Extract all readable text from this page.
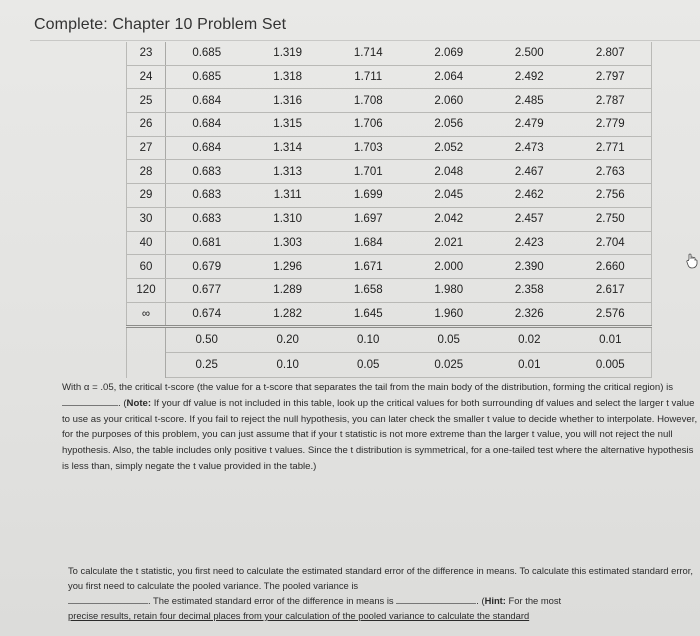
Complete: Chapter 10 Problem Set
23	0.685	1.319	1.714	2.069	2.500	2.807
24	0.685	1.318	1.711	2.064	2.492	2.797
25	0.684	1.316	1.708	2.060	2.485	2.787
26	0.684	1.315	1.706	2.056	2.479	2.779
27	0.684	1.314	1.703	2.052	2.473	2.771
28	0.683	1.313	1.701	2.048	2.467	2.763
29	0.683	1.311	1.699	2.045	2.462	2.756
30	0.683	1.310	1.697	2.042	2.457	2.750
40	0.681	1.303	1.684	2.021	2.423	2.704
60	0.679	1.296	1.671	2.000	2.390	2.660
120	0.677	1.289	1.658	1.980	2.358	2.617
∞	0.674	1.282	1.645	1.960	2.326	2.576
	0.50	0.20	0.10	0.05	0.02	0.01
	0.25	0.10	0.05	0.025	0.01	0.005
With α = .05, the critical t-score (the value for a t-score that separates the tail from the main body of the distribution, forming the critical region) is . (Note: If your df value is not included in this table, look up the critical values for both surrounding df values and select the larger t value to use as your critical t-score. If you fail to reject the null hypothesis, you can later check the smaller t value to decide whether to interpolate. However, for the purposes of this problem, you can just assume that if your t statistic is not more extreme than the larger t value, you will not reject the null hypothesis. Also, the table includes only positive t values. Since the t distribution is symmetrical, for a one-tailed test where the alternative hypothesis is less than, simply negate the t value provided in the table.)
To calculate the t statistic, you first need to calculate the estimated standard error of the difference in means. To calculate this estimated standard error, you first need to calculate the pooled variance. The pooled variance is
. The estimated standard error of the difference in means is	. (Hint: For the most
precise results, retain four decimal places from your calculation of the pooled variance to calculate the standard
